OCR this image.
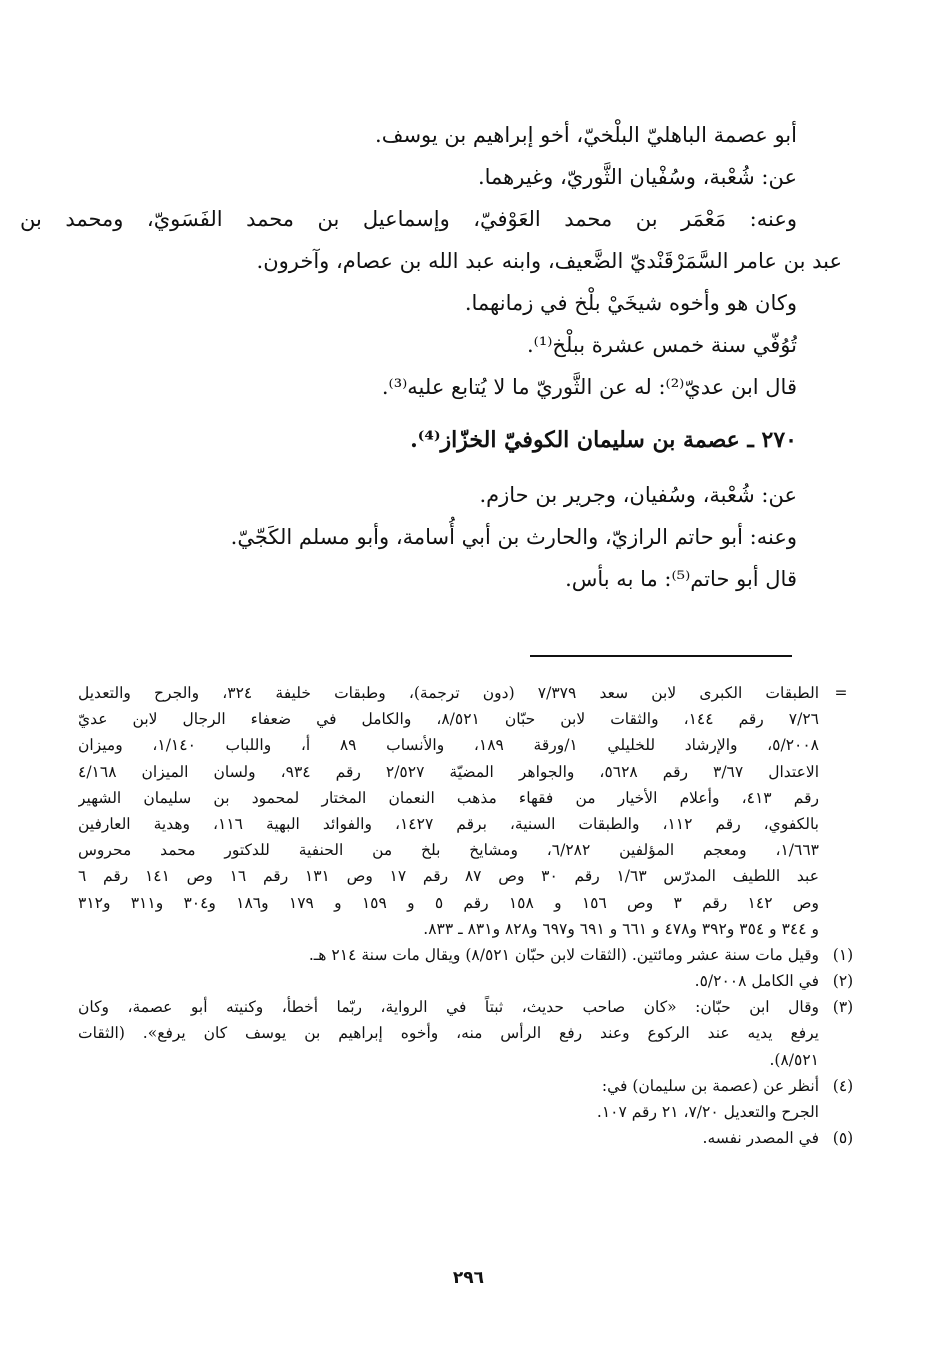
أبو عصمة الباهليّ البلْخيّ، أخو إبراهيم بن يوسف.
عن: شُعْبة، وسُفْيان الثَّوريّ، وغيرهما.
وعنه: مَعْمَر بن محمد العَوْفيّ، وإسماعيل بن محمد الفَسَويّ، ومحمد بن
عبد بن عامر السَّمَرْقَنْديّ الضَّعيف، وابنه عبد الله بن عصام، وآخرون.
وكان هو وأخوه شيخَيْ بلْخ في زمانهما.
تُوُفّي سنة خمس عشرة ببلْخ⁽¹⁾.
قال ابن عديّ⁽²⁾: له عن الثَّوريّ ما لا يُتابع عليه⁽³⁾.
٢٧٠ ـ عصمة بن سليمان الكوفيّ الخزّاز⁽⁴⁾.
عن: شُعْبة، وسُفيان، وجرير بن حازم.
وعنه: أبو حاتم الرازيّ، والحارث بن أبي أُسامة، وأبو مسلم الكَجّيّ.
قال أبو حاتم⁽⁵⁾: ما به بأس.
=
الطبقات الكبرى لابن سعد ٧/٣٧٩ (دون ترجمة)، وطبقات خليفة ٣٢٤، والجرح والتعديل
٧/٢٦ رقم ١٤٤، والثقات لابن حبّان ٨/٥٢١، والكامل في ضعفاء الرجال لابن عديّ
٥/٢٠٠٨، والإرشاد للخليلي ١/ورقة ١٨٩، والأنساب ٨٩ أ، واللباب ١/١٤٠، وميزان
الاعتدال ٣/٦٧ رقم ٥٦٢٨، والجواهر المضيّة ٢/٥٢٧ رقم ٩٣٤، ولسان الميزان ٤/١٦٨
رقم ٤١٣، وأعلام الأخيار من فقهاء مذهب النعمان المختار لمحمود بن سليمان الشهير
بالكفوي، رقم ١١٢، والطبقات السنية، برقم ١٤٢٧، والفوائد البهية ١١٦، وهدية العارفين
١/٦٦٣، ومعجم المؤلفين ٦/٢٨٢، ومشايخ بلخ من الحنفية للدكتور محمد محروس
عبد اللطيف المدرّس ١/٦٣ رقم ٣٠ وص ٨٧ رقم ١٧ وص ١٣١ رقم ١٦ وص ١٤١ رقم ٦
وص ١٤٢ رقم ٣ وص ١٥٦ و ١٥٨ رقم ٥ و ١٥٩ و ١٧٩ و١٨٦ و٣٠٤ و٣١١ و٣١٢
و ٣٤٤ و ٣٥٤ و٣٩٢ و٤٧٨ و ٦٦١ و ٦٩١ و٦٩٧ و٨٢٨ و٨٣١ ـ ٨٣٣.
(١)
وقيل مات سنة عشر ومائتين. (الثقات لابن حبّان ٨/٥٢١) ويقال مات سنة ٢١٤ هـ.
(٢)
في الكامل ٥/٢٠٠٨.
(٣)
وقال ابن حبّان: «كان صاحب حديث، ثبتاً في الرواية، ربّما أخطأ، وكنيته أبو عصمة، وكان
يرفع يديه عند الركوع وعند رفع الرأس منه، وأخوه إبراهيم بن يوسف كان يرفع». (الثقات
٨/٥٢١).
(٤)
أنظر عن (عصمة بن سليمان) في:
الجرح والتعديل ٧/٢٠، ٢١ رقم ١٠٧.
(٥)
في المصدر نفسه.
٢٩٦
